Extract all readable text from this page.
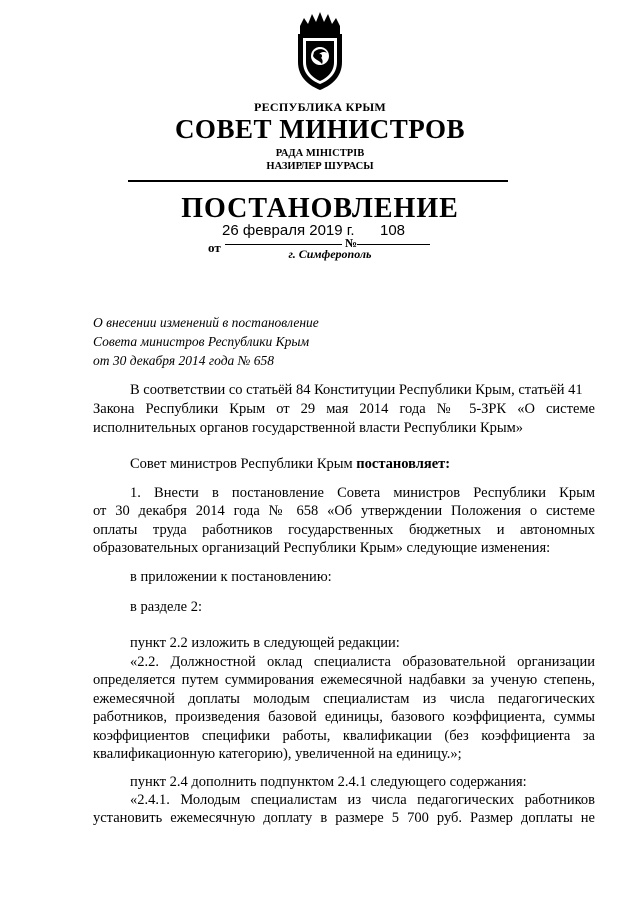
РЕСПУБЛИКА КРЫМ
СОВЕТ МИНИСТРОВ
РАДА МІНІСТРІВ
НАЗИРЛЕР ШУРАСЫ
ПОСТАНОВЛЕНИЕ
от
26 февраля 2019 г.
№
108
г. Симферополь
О внесении изменений в постановление
Совета министров Республики Крым
от 30 декабря 2014 года № 658
В соответствии со статьёй 84 Конституции Республики Крым, статьёй 41
Закона Республики Крым от 29 мая 2014 года № 5-ЗРК «О системе
исполнительных органов государственной власти Республики Крым»
Совет министров Республики Крым постановляет:
1. Внести в постановление Совета министров Республики Крым
от 30 декабря 2014 года № 658 «Об утверждении Положения о системе
оплаты труда работников государственных бюджетных и автономных
образовательных организаций Республики Крым» следующие изменения:
в приложении к постановлению:
в разделе 2:
пункт 2.2 изложить в следующей редакции:
«2.2. Должностной оклад специалиста образовательной организации
определяется путем суммирования ежемесячной надбавки за ученую степень,
ежемесячной доплаты молодым специалистам из числа педагогических
работников, произведения базовой единицы, базового коэффициента, суммы
коэффициентов специфики работы, квалификации (без коэффициента за
квалификационную категорию), увеличенной на единицу.»;
пункт 2.4 дополнить подпунктом 2.4.1 следующего содержания:
«2.4.1. Молодым специалистам из числа педагогических работников
установить ежемесячную доплату в размере 5 700 руб. Размер доплаты не
